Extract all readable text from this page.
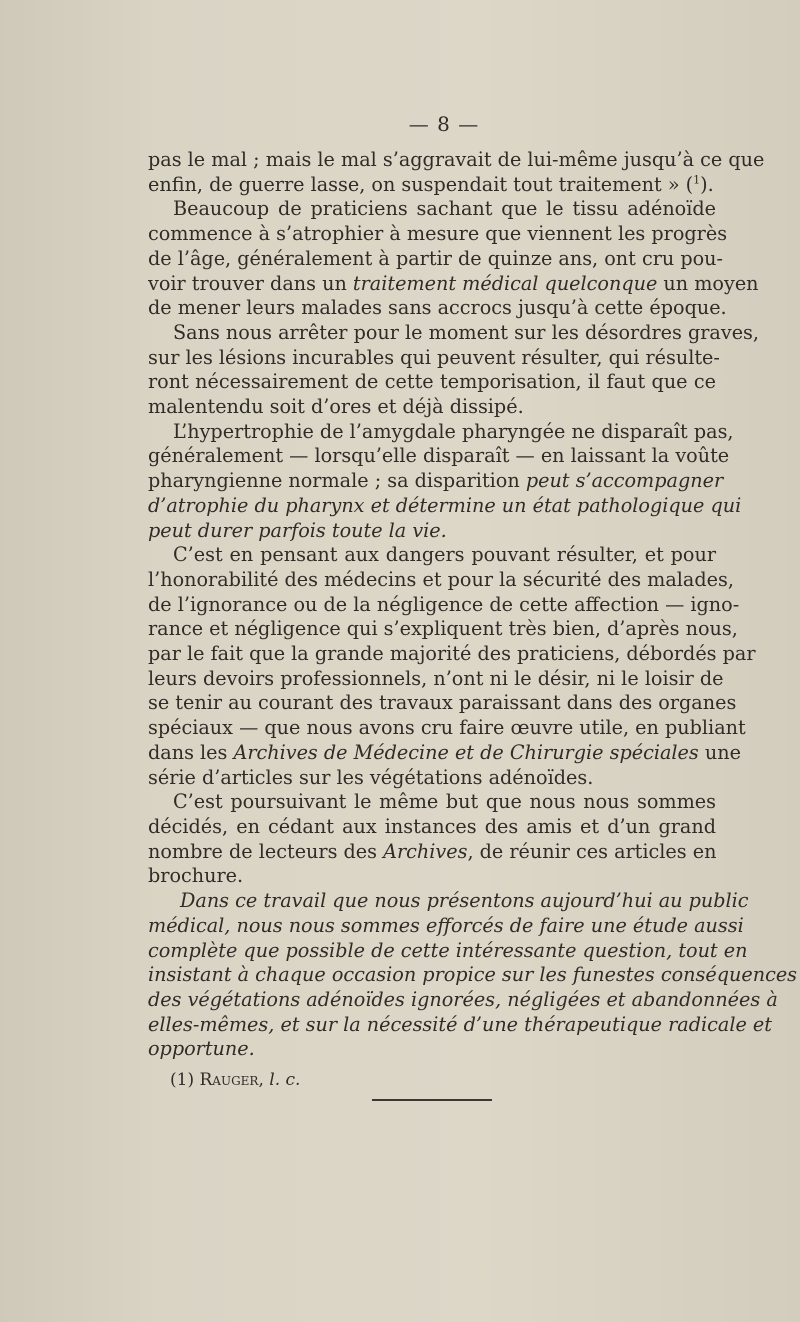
— 8 —
pas le mal ; mais le mal s’aggravait de lui-même jusqu’à ce que
enfin, de guerre lasse, on suspendait tout traitement » ($^1$).
Beaucoup de praticiens sachant que le tissu adénoïde
commence à s’atrophier à mesure que viennent les progrès
de l’âge, généralement à partir de quinze ans, ont cru pou-
voir trouver dans un traitement médical quelconque un moyen
de mener leurs malades sans accrocs jusqu’à cette époque.
Sans nous arrêter pour le moment sur les désordres graves,
sur les lésions incurables qui peuvent résulter, qui résulte-
ront nécessairement de cette temporisation, il faut que ce
malentendu soit d’ores et déjà dissipé.
L’hypertrophie de l’amygdale pharyngée ne disparaît pas,
généralement — lorsqu’elle disparaît — en laissant la voûte
pharyngienne normale ; sa disparition peut s’accompagner
d’atrophie du pharynx et détermine un état pathologique qui
peut durer parfois toute la vie.
C’est en pensant aux dangers pouvant résulter, et pour
l’honorabilité des médecins et pour la sécurité des malades,
de l’ignorance ou de la négligence de cette affection — igno-
rance et négligence qui s’expliquent très bien, d’après nous,
par le fait que la grande majorité des praticiens, débordés par
leurs devoirs professionnels, n’ont ni le désir, ni le loisir de
se tenir au courant des travaux paraissant dans des organes
spéciaux — que nous avons cru faire œuvre utile, en publiant
dans les Archives de Médecine et de Chirurgie spéciales une
série d’articles sur les végétations adénoïdes.
C’est poursuivant le même but que nous nous sommes
décidés, en cédant aux instances des amis et d’un grand
nombre de lecteurs des Archives, de réunir ces articles en
brochure.
Dans ce travail que nous présentons aujourd’hui au public
médical, nous nous sommes efforcés de faire une étude aussi
complète que possible de cette intéressante question, tout en
insistant à chaque occasion propice sur les funestes conséquences
des végétations adénoïdes ignorées, négligées et abandonnées à
elles-mêmes, et sur la nécessité d’une thérapeutique radicale et
opportune.
(1) Rauger, l. c.
